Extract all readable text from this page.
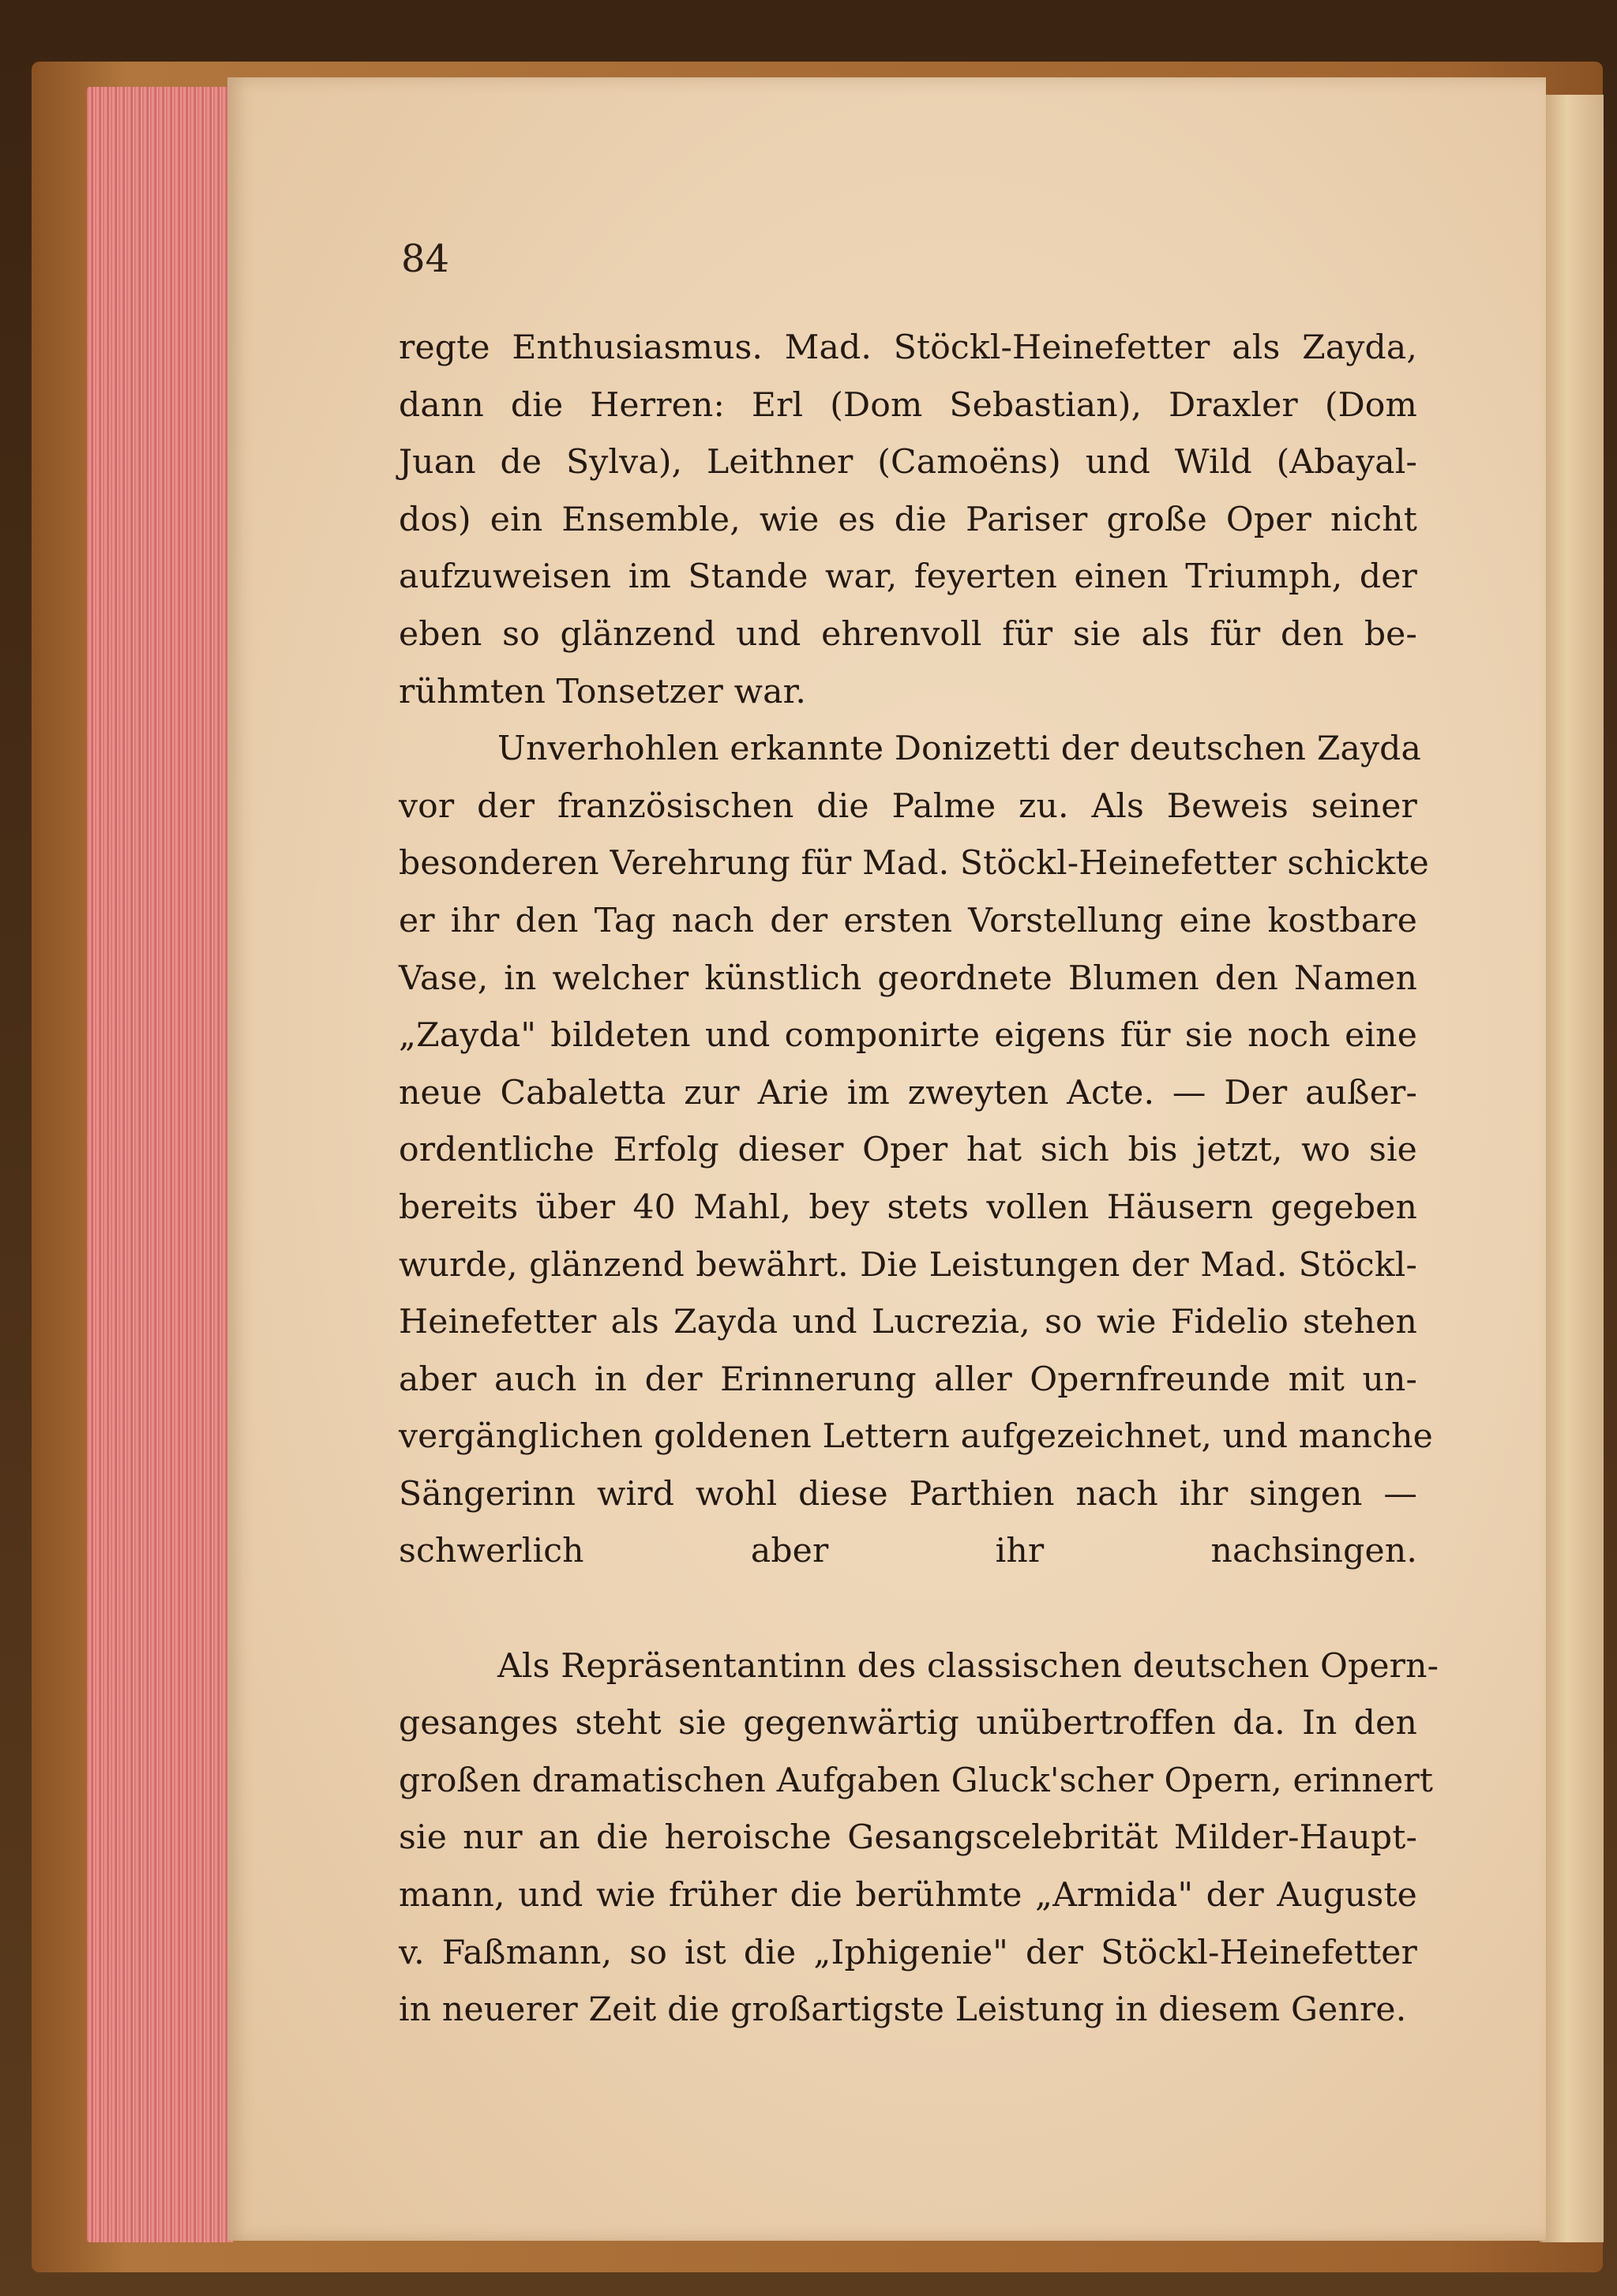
84
regte Enthusiasmus. Mad. Stöckl-Heinefetter als Zayda,
dann die Herren: Erl (Dom Sebastian), Draxler (Dom
Juan de Sylva), Leithner (Camoëns) und Wild (Abayal-
dos) ein Ensemble, wie es die Pariser große Oper nicht
aufzuweisen im Stande war, feyerten einen Triumph, der
eben so glänzend und ehrenvoll für sie als für den be-
rühmten Tonsetzer war.
Unverhohlen erkannte Donizetti der deutschen Zayda
vor der französischen die Palme zu. Als Beweis seiner
besonderen Verehrung für Mad. Stöckl-Heinefetter schickte
er ihr den Tag nach der ersten Vorstellung eine kostbare
Vase, in welcher künstlich geordnete Blumen den Namen
„Zayda" bildeten und componirte eigens für sie noch eine
neue Cabaletta zur Arie im zweyten Acte. — Der außer-
ordentliche Erfolg dieser Oper hat sich bis jetzt, wo sie
bereits über 40 Mahl, bey stets vollen Häusern gegeben
wurde, glänzend bewährt. Die Leistungen der Mad. Stöckl-
Heinefetter als Zayda und Lucrezia, so wie Fidelio stehen
aber auch in der Erinnerung aller Opernfreunde mit un-
vergänglichen goldenen Lettern aufgezeichnet, und manche
Sängerinn wird wohl diese Parthien nach ihr singen —
schwerlich aber ihr nachsingen.
Als Repräsentantinn des classischen deutschen Opern-
gesanges steht sie gegenwärtig unübertroffen da. In den
großen dramatischen Aufgaben Gluck'scher Opern, erinnert
sie nur an die heroische Gesangscelebrität Milder-Haupt-
mann, und wie früher die berühmte „Armida" der Auguste
v. Faßmann, so ist die „Iphigenie" der Stöckl-Heinefetter
in neuerer Zeit die großartigste Leistung in diesem Genre.
